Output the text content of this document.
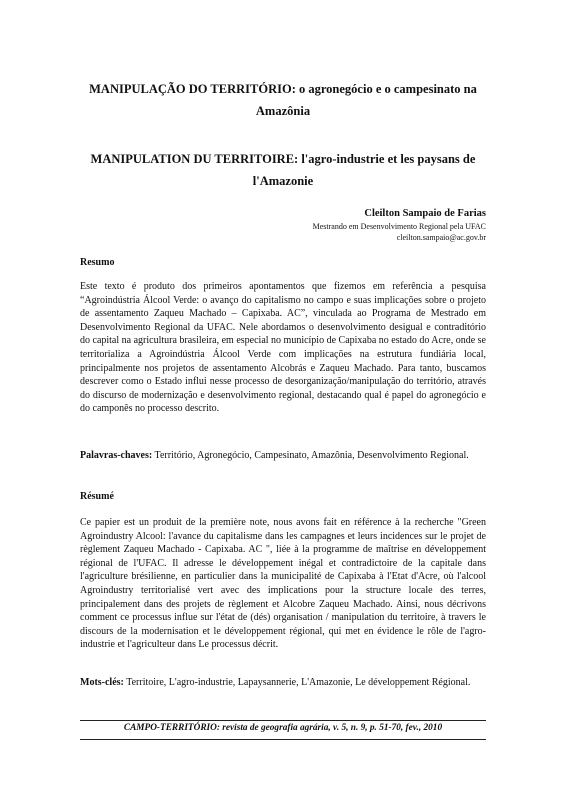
MANIPULAÇÃO DO TERRITÓRIO: o agronegócio e o campesinato na Amazônia
MANIPULATION DU TERRITOIRE: l'agro-industrie et les paysans de l'Amazonie
Cleilton Sampaio de Farias
Mestrando em Desenvolvimento Regional pela UFAC
cleilton.sampaio@ac.gov.br
Resumo

Este texto é produto dos primeiros apontamentos que fizemos em referência a pesquisa “Agroindústria Álcool Verde: o avanço do capitalismo no campo e suas implicações sobre o projeto de assentamento Zaqueu Machado – Capixaba. AC”, vinculada ao Programa de Mestrado em Desenvolvimento Regional da UFAC. Nele abordamos o desenvolvimento desigual e contraditório do capital na agricultura brasileira, em especial no município de Capixaba no estado do Acre, onde se territorializa a Agroindústria Álcool Verde com implicações na estrutura fundiária local, principalmente nos projetos de assentamento Alcobrás e Zaqueu Machado. Para tanto, buscamos descrever como o Estado influi nesse processo de desorganização/manipulação do território, através do discurso de modernização e desenvolvimento regional, destacando qual é papel do agronegócio e do camponês no processo descrito.

Palavras-chaves: Território, Agronegócio, Campesinato, Amazônia, Desenvolvimento Regional.

Résumé

Ce papier est un produit de la première note, nous avons fait en référence à la recherche "Green Agroindustry Alcool: l'avance du capitalisme dans les campagnes et leurs incidences sur le projet de règlement Zaqueu Machado - Capixaba. AC ", liée à la programme de maîtrise en développement régional de l'UFAC. Il adresse le développement inégal et contradictoire de la capitale dans l'agriculture brésilienne, en particulier dans la municipalité de Capixaba à l'Etat d'Acre, où l'alcool Agroindustry territorialisé vert avec des implications pour la structure locale des terres, principalement dans des projets de règlement et Alcobre Zaqueu Machado. Ainsi, nous décrivons comment ce processus influe sur l'état de (dés) organisation / manipulation du territoire, à travers le discours de la modernisation et le développement régional, qui met en évidence le rôle de l'agro-industrie et l'agriculteur dans Le processus décrit.

Mots-clés: Territoire, L'agro-industrie, Lapaysannerie, L'Amazonie, Le développement Régional.

CAMPO-TERRITÓRIO: revista de geografia agrária, v. 5, n. 9, p. 51-70, fev., 2010
